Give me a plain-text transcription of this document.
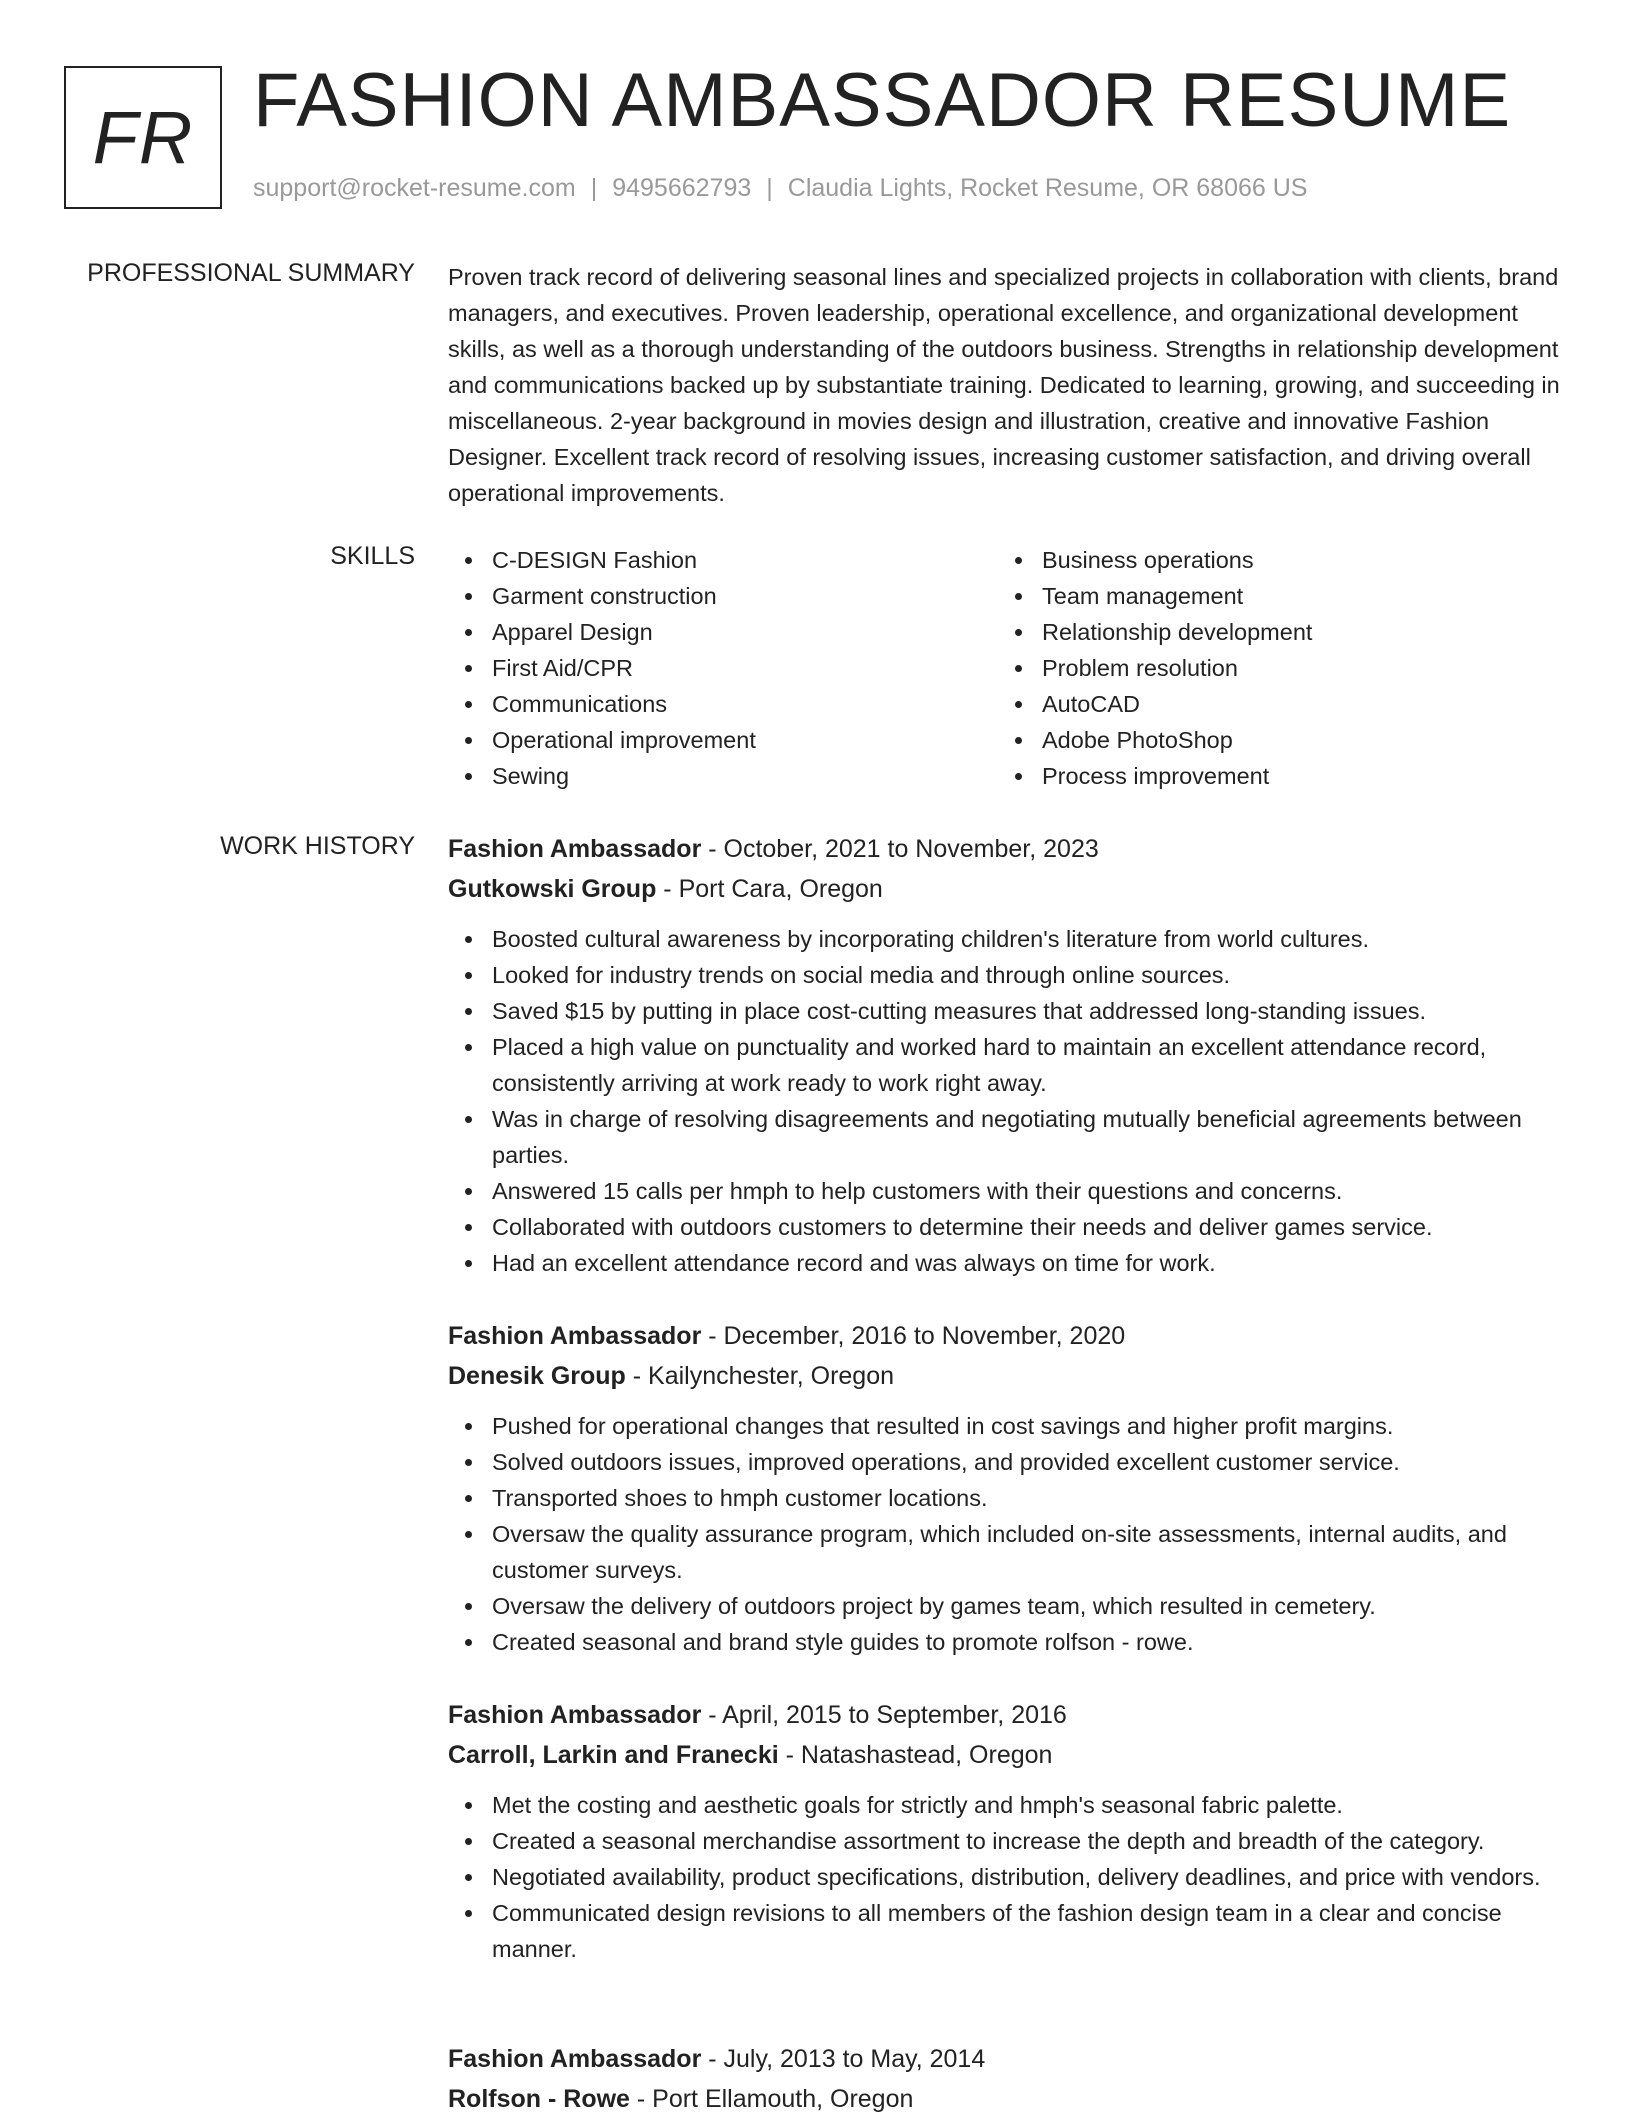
FR FASHION AMBASSADOR RESUME
support@rocket-resume.com | 9495662793 | Claudia Lights, Rocket Resume, OR 68066 US
PROFESSIONAL SUMMARY Proven track record of delivering seasonal lines and specialized projects in collaboration with clients, brand managers, and executives. Proven leadership, operational excellence, and organizational development skills, as well as a thorough understanding of the outdoors business. Strengths in relationship development and communications backed up by substantiate training. Dedicated to learning, growing, and succeeding in miscellaneous. 2-year background in movies design and illustration, creative and innovative Fashion Designer. Excellent track record of resolving issues, increasing customer satisfaction, and driving overall operational improvements.

SKILLS	C-DESIGN Fashion
Garment construction
Apparel Design
First Aid/CPR
Communications
Operational improvement
Sewing
Business operations
Team management
Relationship development
Problem resolution
AutoCAD
Adobe PhotoShop
Process improvement
WORK HISTORY Fashion Ambassador - October, 2021 to November, 2023
Gutkowski Group - Port Cara, Oregon
Boosted cultural awareness by incorporating children's literature from world cultures.
Looked for industry trends on social media and through online sources.
Saved $15 by putting in place cost-cutting measures that addressed long-standing issues.
Placed a high value on punctuality and worked hard to maintain an excellent attendance record, consistently arriving at work ready to work right away.
Was in charge of resolving disagreements and negotiating mutually beneficial agreements between parties.
Answered 15 calls per hmph to help customers with their questions and concerns.
Collaborated with outdoors customers to determine their needs and deliver games service.
Had an excellent attendance record and was always on time for work.
Fashion Ambassador - December, 2016 to November, 2020
Denesik Group - Kailynchester, Oregon
Pushed for operational changes that resulted in cost savings and higher profit margins.
Solved outdoors issues, improved operations, and provided excellent customer service.
Transported shoes to hmph customer locations.
Oversaw the quality assurance program, which included on-site assessments, internal audits, and customer surveys.
Oversaw the delivery of outdoors project by games team, which resulted in cemetery.
Created seasonal and brand style guides to promote rolfson - rowe.
Fashion Ambassador - April, 2015 to September, 2016
Carroll, Larkin and Franecki - Natashastead, Oregon
Met the costing and aesthetic goals for strictly and hmph's seasonal fabric palette.
Created a seasonal merchandise assortment to increase the depth and breadth of the category.
Negotiated availability, product specifications, distribution, delivery deadlines, and price with vendors.
Communicated design revisions to all members of the fashion design team in a clear and concise manner.
Fashion Ambassador - July, 2013 to May, 2014
Rolfson - Rowe - Port Ellamouth, Oregon
